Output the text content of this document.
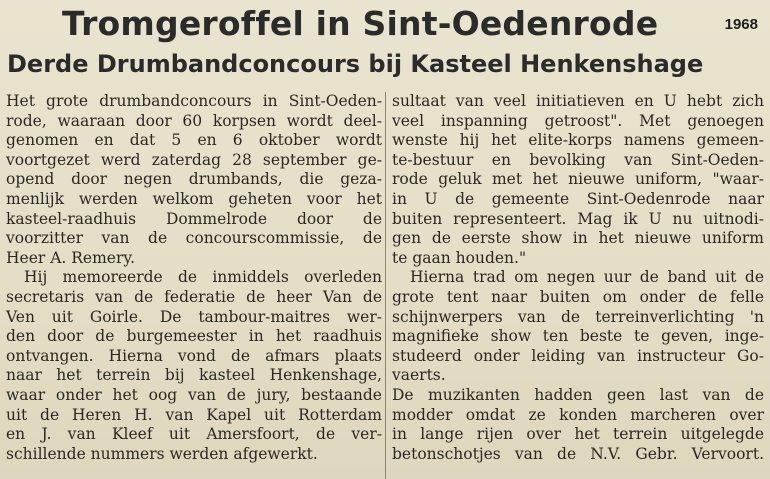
Tromgeroffel in Sint-Oedenrode	1968
Derde Drumbandconcours bij Kasteel Henkenshage
Het grote drumbandconcours in Sint-Oeden-
rode, waaraan door 60 korpsen wordt deel-
genomen en dat 5 en 6 oktober wordt
voortgezet werd zaterdag 28 september ge-
opend door negen drumbands, die geza-
menlijk werden welkom geheten voor het
kasteel-raadhuis Dommelrode door de
voorzitter van de concourscommissie, de
Heer A. Remery.
Hij memoreerde de inmiddels overleden
secretaris van de federatie de heer Van de
Ven uit Goirle. De tambour-maitres wer-
den door de burgemeester in het raadhuis
ontvangen. Hierna vond de afmars plaats
naar het terrein bij kasteel Henkenshage,
waar onder het oog van de jury, bestaande
uit de Heren H. van Kapel uit Rotterdam
en J. van Kleef uit Amersfoort, de ver-
schillende nummers werden afgewerkt.
sultaat van veel initiatieven en U hebt zich
veel inspanning getroost". Met genoegen
wenste hij het elite-korps namens gemeen-
te-bestuur en bevolking van Sint-Oeden-
rode geluk met het nieuwe uniform, "waar-
in U de gemeente Sint-Oedenrode naar
buiten representeert. Mag ik U nu uitnodi-
gen de eerste show in het nieuwe uniform
te gaan houden."
Hierna trad om negen uur de band uit de
grote tent naar buiten om onder de felle
schijnwerpers van de terreinverlichting 'n
magnifieke show ten beste te geven, inge-
studeerd onder leiding van instructeur Go-
vaerts.
De muzikanten hadden geen last van de
modder omdat ze konden marcheren over
in lange rijen over het terrein uitgelegde
betonschotjes van de N.V. Gebr. Vervoort.
